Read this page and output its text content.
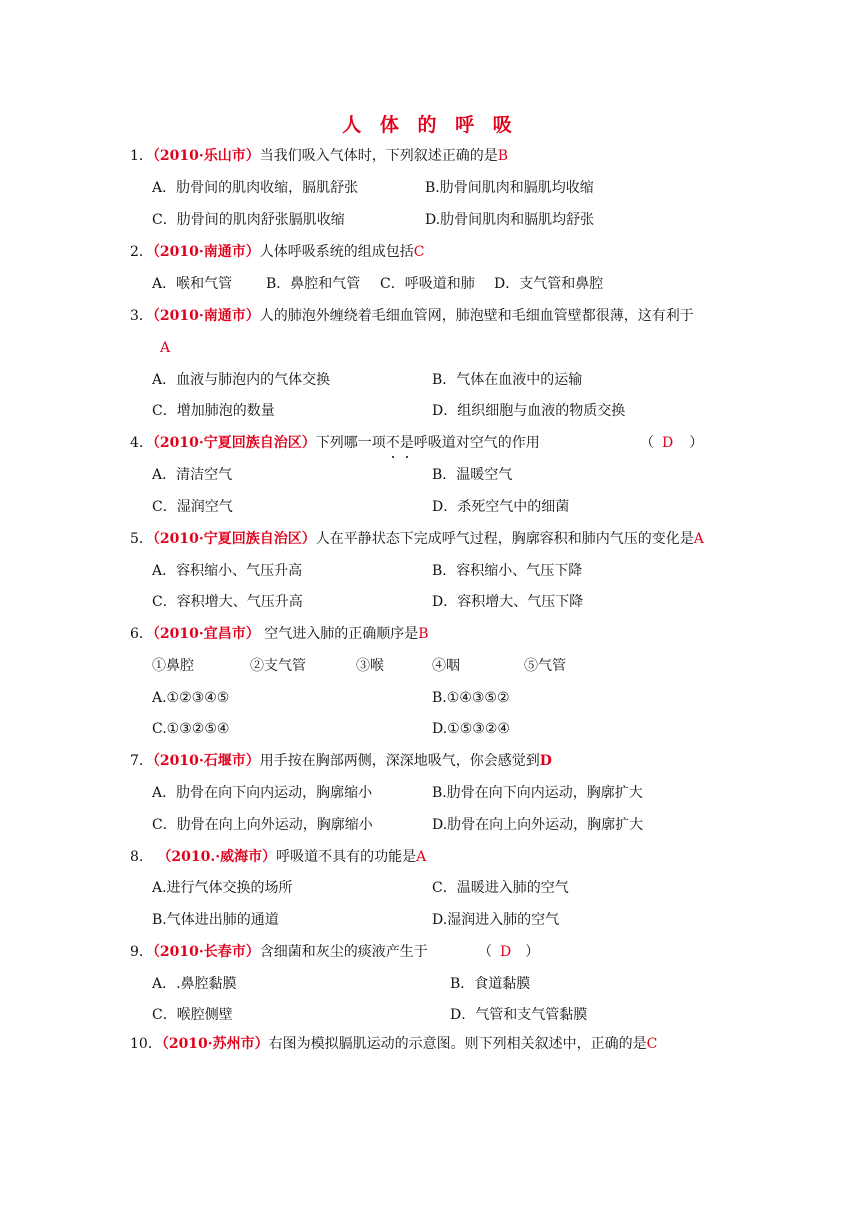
人 体 的 呼 吸
1．（2010·乐山市）当我们吸入气体时，下列叙述正确的是B
A．肋骨间的肌肉收缩，膈肌舒张	B.肋骨间肌肉和膈肌均收缩
C．肋骨间的肌肉舒张膈肌收缩	D.肋骨间肌肉和膈肌均舒张
2．（2010·南通市）人体呼吸系统的组成包括C
A．喉和气管 B．鼻腔和气管 C．呼吸道和肺 D．支气管和鼻腔
3．（2010·南通市）人的肺泡外缠绕着毛细血管网，肺泡壁和毛细血管壁都很薄，这有利于
A
A．血液与肺泡内的气体交换	B．气体在血液中的运输
C．增加肺泡的数量	D．组织细胞与血液的物质交换
4．（2010·宁夏回族自治区）下列哪一项不是
呼吸道对空气的作用	（ D ）
A．清洁空气	B．温暖空气
C．湿润空气	D．杀死空气中的细菌
5．（2010·宁夏回族自治区）人在平静状态下完成呼气过程，胸廓容积和肺内气压的变化是A
A．容积缩小、气压升高	B．容积缩小、气压下降
C．容积增大、气压升高	D．容积增大、气压下降
6．（2010·宜昌市） 空气进入肺的正确顺序是B
①鼻腔	②支气管	③喉	④咽	⑤气管
A.①②③④⑤	B.①④③⑤②
C.①③②⑤④	D.①⑤③②④
7．（2010·石堰市）用手按在胸部两侧，深深地吸气，你会感觉到D
A．肋骨在向下向内运动，胸廓缩小	B.肋骨在向下向内运动，胸廓扩大
C．肋骨在向上向外运动，胸廓缩小	D.肋骨在向上向外运动，胸廓扩大
8. （2010.·威海市）呼吸道不具有的功能是A
A.进行气体交换的场所	C．温暖进入肺的空气
B.气体进出肺的通道	D.湿润进入肺的空气
9．（2010·长春市）含细菌和灰尘的痰液产生于	（ D ）
A．.鼻腔黏膜	B．食道黏膜
C．喉腔侧壁	D．气管和支气管黏膜
10．（2010·苏州市）右图为模拟膈肌运动的示意图。则下列相关叙述中，正确的是C
